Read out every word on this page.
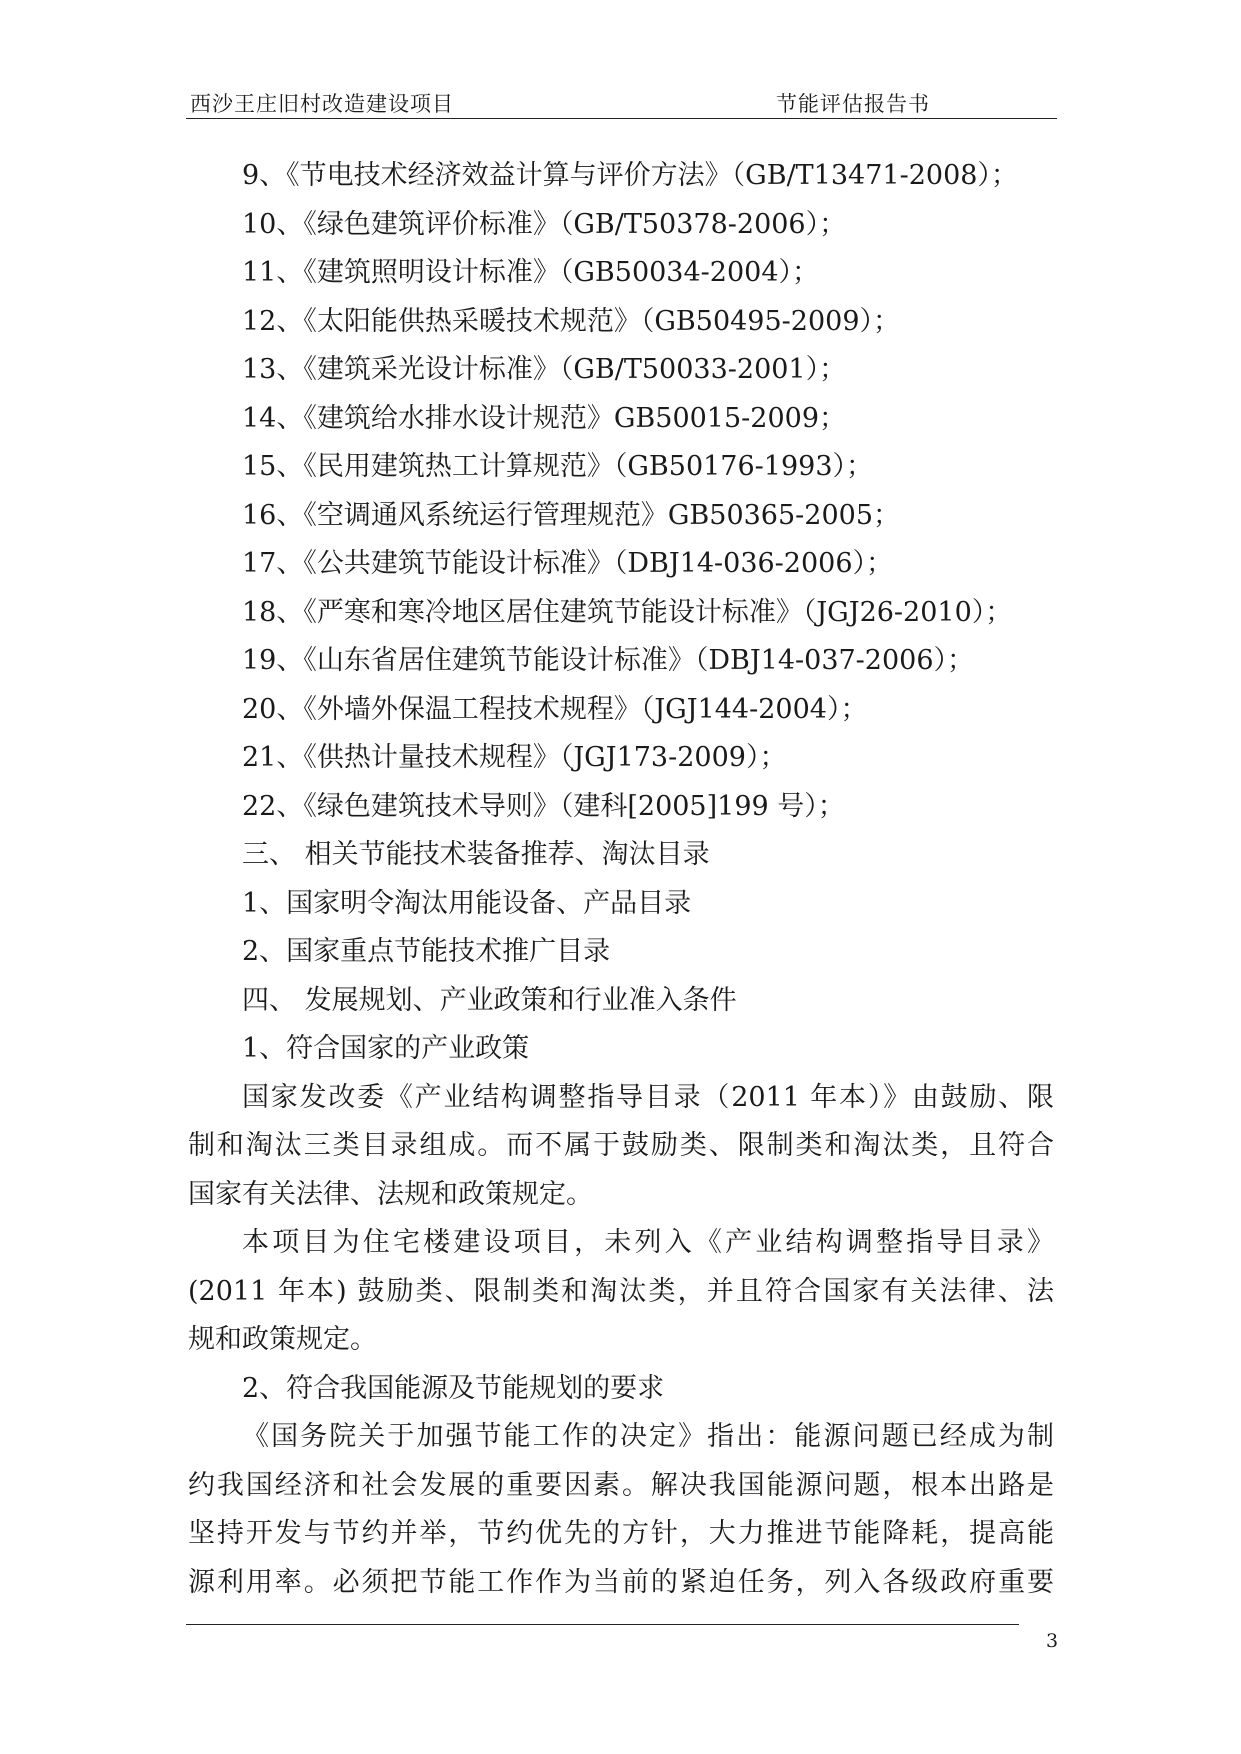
西沙王庄旧村改造建设项目	节能评估报告书
9、《节电技术经济效益计算与评价方法》（GB/T13471-2008）；
10、《绿色建筑评价标准》（GB/T50378-2006）；
11、《建筑照明设计标准》（GB50034-2004）；
12、《太阳能供热采暖技术规范》（GB50495-2009）；
13、《建筑采光设计标准》（GB/T50033-2001）；
14、《建筑给水排水设计规范》GB50015-2009；
15、《民用建筑热工计算规范》（GB50176-1993）；
16、《空调通风系统运行管理规范》GB50365-2005；
17、《公共建筑节能设计标准》（DBJ14-036-2006）；
18、《严寒和寒冷地区居住建筑节能设计标准》（JGJ26-2010）；
19、《山东省居住建筑节能设计标准》（DBJ14-037-2006）；
20、《外墙外保温工程技术规程》（JGJ144-2004）；
21、《供热计量技术规程》（JGJ173-2009）；
22、《绿色建筑技术导则》（建科[2005]199 号）；
三、 相关节能技术装备推荐、淘汰目录
1、国家明令淘汰用能设备、产品目录
2、国家重点节能技术推广目录
四、 发展规划、产业政策和行业准入条件
1、符合国家的产业政策
国家发改委《产业结构调整指导目录（2011 年本）》由鼓励、限
制和淘汰三类目录组成。而不属于鼓励类、限制类和淘汰类，且符合
国家有关法律、法规和政策规定。
本项目为住宅楼建设项目，未列入《产业结构调整指导目录》
(2011 年本) 鼓励类、限制类和淘汰类，并且符合国家有关法律、法
规和政策规定。
2、符合我国能源及节能规划的要求
《国务院关于加强节能工作的决定》指出：能源问题已经成为制
约我国经济和社会发展的重要因素。解决我国能源问题，根本出路是
坚持开发与节约并举，节约优先的方针，大力推进节能降耗，提高能
源利用率。必须把节能工作作为当前的紧迫任务，列入各级政府重要
3
